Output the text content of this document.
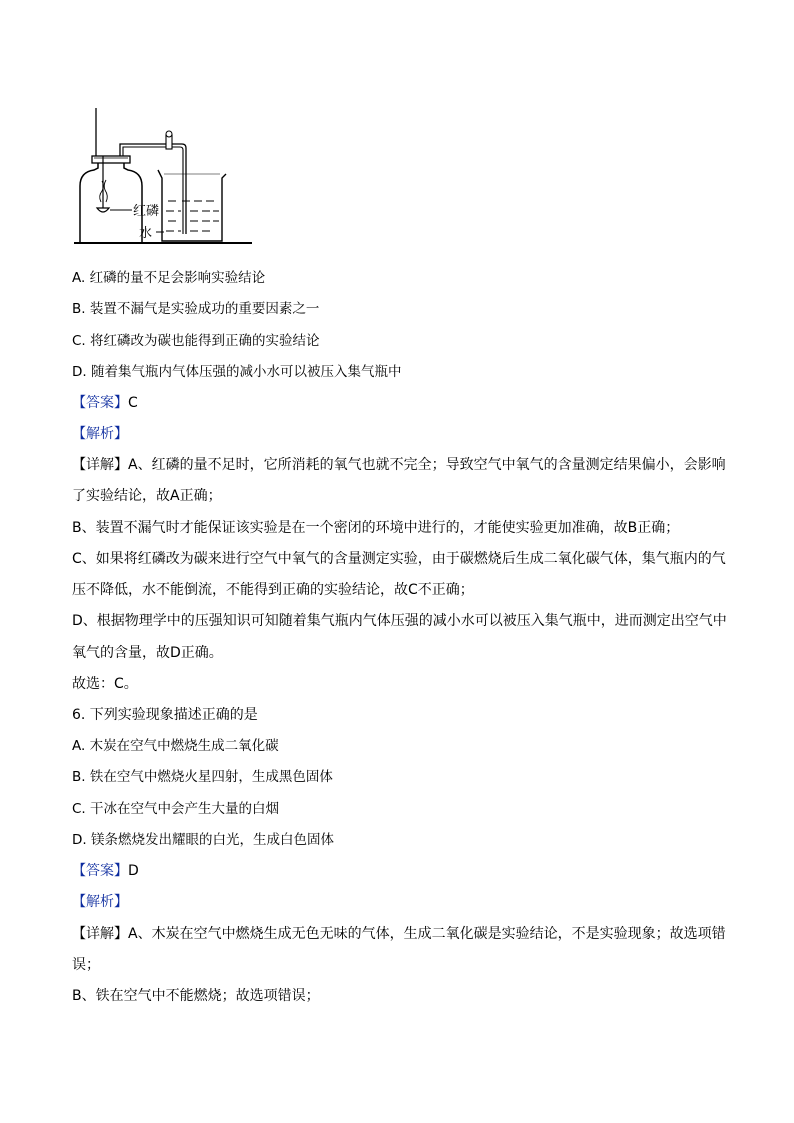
红磷
水
A. 红磷的量不足会影响实验结论
B. 装置不漏气是实验成功的重要因素之一
C. 将红磷改为碳也能得到正确的实验结论
D. 随着集气瓶内气体压强的减小水可以被压入集气瓶中
【答案】C
【解析】
【详解】A、红磷的量不足时，它所消耗的氧气也就不完全；导致空气中氧气的含量测定结果偏小，会影响
了实验结论，故A正确；
B、装置不漏气时才能保证该实验是在一个密闭的环境中进行的，才能使实验更加准确，故B正确；
C、如果将红磷改为碳来进行空气中氧气的含量测定实验，由于碳燃烧后生成二氧化碳气体，集气瓶内的气
压不降低，水不能倒流，不能得到正确的实验结论，故C不正确；
D、根据物理学中的压强知识可知随着集气瓶内气体压强的减小水可以被压入集气瓶中，进而测定出空气中
氧气的含量，故D正确。
故选：C。
6. 下列实验现象描述正确的是
A. 木炭在空气中燃烧生成二氧化碳
B. 铁在空气中燃烧火星四射，生成黑色固体
C. 干冰在空气中会产生大量的白烟
D. 镁条燃烧发出耀眼的白光，生成白色固体
【答案】D
【解析】
【详解】A、木炭在空气中燃烧生成无色无味的气体，生成二氧化碳是实验结论，不是实验现象；故选项错
误；
B、铁在空气中不能燃烧；故选项错误；
